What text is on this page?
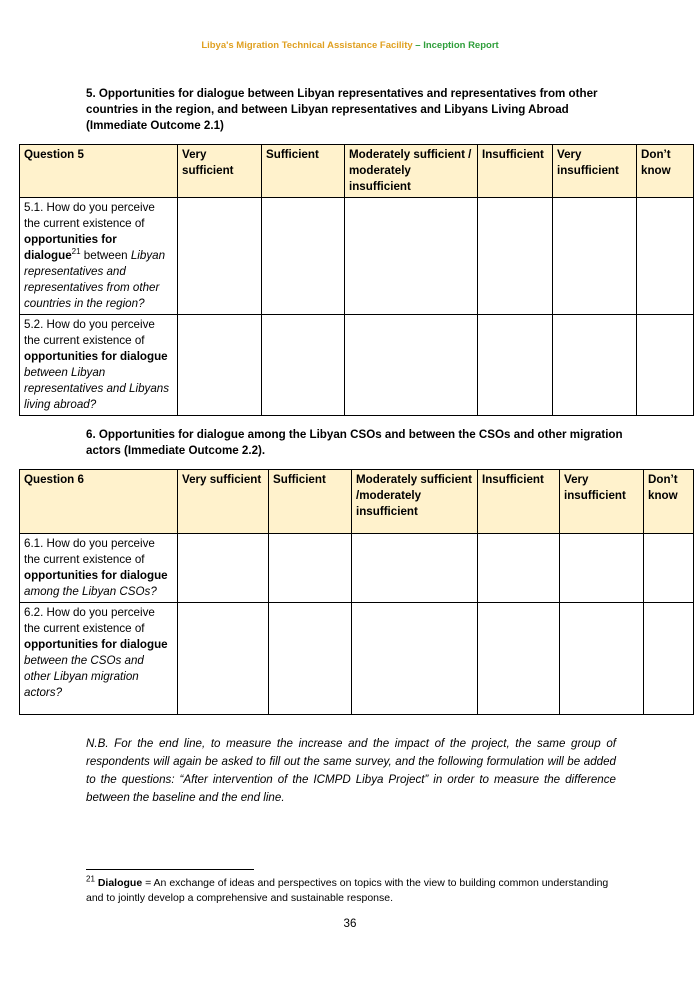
Libya's Migration Technical Assistance Facility – Inception Report
5. Opportunities for dialogue between Libyan representatives and representatives from other countries in the region, and between Libyan representatives and Libyans Living Abroad (Immediate Outcome 2.1)
Question 5	Very sufficient	Sufficient	Moderately sufficient / moderately insufficient	Insufficient	Very insufficient	Don’t know
5.1. How do you perceive the current existence of opportunities for dialogue$^{21}$ between Libyan representatives and representatives from other countries in the region?						
5.2. How do you perceive the current existence of opportunities for dialogue between Libyan representatives and Libyans living abroad?						
6. Opportunities for dialogue among the Libyan CSOs and between the CSOs and other migration actors (Immediate Outcome 2.2).
Question 6	Very sufficient	Sufficient	Moderately sufficient /moderately insufficient	Insufficient	Very insufficient	Don’t know
6.1. How do you perceive the current existence of opportunities for dialogue among the Libyan CSOs?						
6.2. How do you perceive the current existence of opportunities for dialogue between the CSOs and other Libyan migration actors?						
N.B. For the end line, to measure the increase and the impact of the project, the same group of respondents will again be asked to fill out the same survey, and the following formulation will be added to the questions: “After intervention of the ICMPD Libya Project” in order to measure the difference between the baseline and the end line.
$^{21}$ Dialogue = An exchange of ideas and perspectives on topics with the view to building common understanding and to jointly develop a comprehensive and sustainable response.
36
